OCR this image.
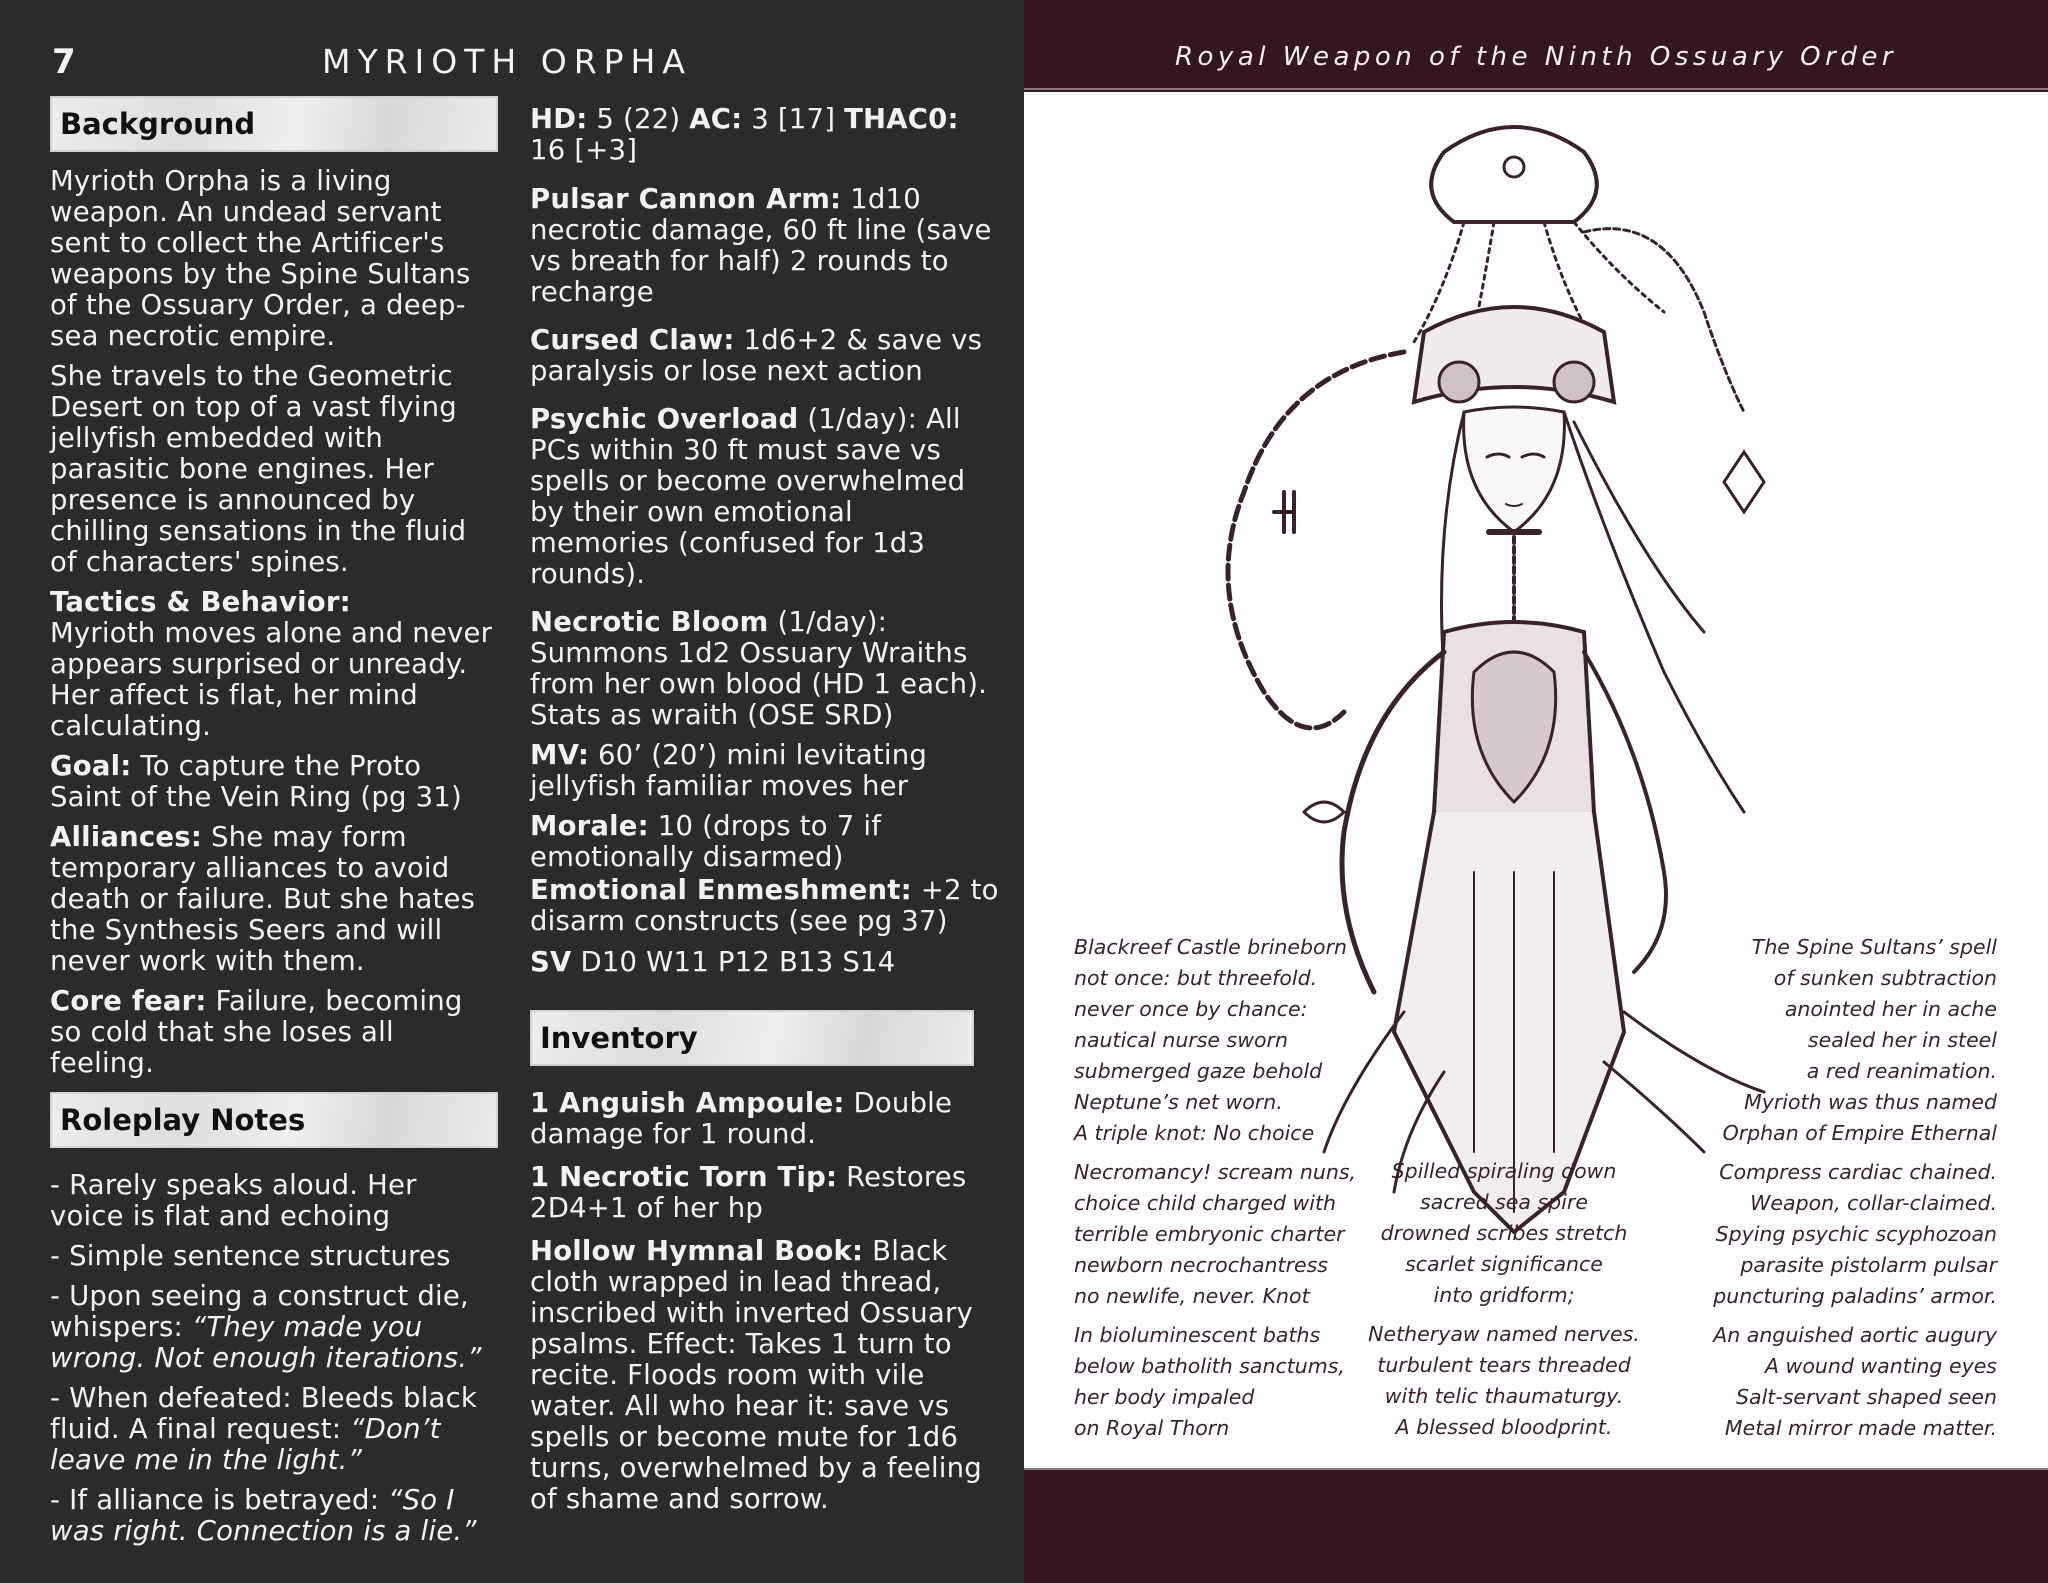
7	MYRIOTH ORPHA
Background

Myrioth Orpha is a living weapon. An undead servant sent to collect the Artificer's weapons by the Spine Sultans of the Ossuary Order, a deep-sea necrotic empire.

She travels to the Geometric Desert on top of a vast flying jellyfish embedded with parasitic bone engines. Her presence is announced by chilling sensations in the fluid of characters' spines.

Tactics & Behavior:
Myrioth moves alone and never appears surprised or unready. Her affect is flat, her mind calculating.

Goal: To capture the Proto Saint of the Vein Ring (pg 31)

Alliances: She may form temporary alliances to avoid death or failure. But she hates the Synthesis Seers and will never work with them.

Core fear: Failure, becoming so cold that she loses all feeling.

Roleplay Notes

- Rarely speaks aloud. Her voice is flat and echoing

- Simple sentence structures

- Upon seeing a construct die, whispers: “They made you wrong. Not enough iterations.”

- When defeated: Bleeds black fluid. A final request: “Don’t leave me in the light.”

- If alliance is betrayed: “So I was right. Connection is a lie.”

HD: 5 (22) AC: 3 [17] THAC0: 16 [+3]

Pulsar Cannon Arm: 1d10 necrotic damage, 60 ft line (save vs breath for half) 2 rounds to recharge

Cursed Claw: 1d6+2 & save vs paralysis or lose next action

Psychic Overload (1/day): All PCs within 30 ft must save vs spells or become overwhelmed by their own emotional memories (confused for 1d3 rounds).

Necrotic Bloom (1/day): Summons 1d2 Ossuary Wraiths from her own blood (HD 1 each). Stats as wraith (OSE SRD)

MV: 60’ (20’) mini levitating jellyfish familiar moves her

Morale: 10 (drops to 7 if emotionally disarmed)

Emotional Enmeshment: +2 to disarm constructs (see pg 37)

SV D10 W11 P12 B13 S14

Inventory

1 Anguish Ampoule: Double damage for 1 round.

1 Necrotic Torn Tip: Restores 2D4+1 of her hp

Hollow Hymnal Book: Black cloth wrapped in lead thread, inscribed with inverted Ossuary psalms. Effect: Takes 1 turn to recite. Floods room with vile water. All who hear it: save vs spells or become mute for 1d6 turns, overwhelmed by a feeling of shame and sorrow.

Royal Weapon of the Ninth Ossuary Order
Blackreef Castle brineborn
not once: but threefold.
never once by chance:
nautical nurse sworn
submerged gaze behold
Neptune’s net worn.
A triple knot: No choice
Necromancy! scream nuns,
choice child charged with
terrible embryonic charter
newborn necrochantress
no newlife, never. Knot
In bioluminescent baths
below batholith sanctums,
her body impaled
on Royal Thorn
Spilled spiraling down
sacred sea spire
drowned scribes stretch
scarlet significance
into gridform;
Netheryaw named nerves.
turbulent tears threaded
with telic thaumaturgy.
A blessed bloodprint.
The Spine Sultans’ spell
of sunken subtraction
anointed her in ache
sealed her in steel
a red reanimation.
Myrioth was thus named
Orphan of Empire Ethernal
Compress cardiac chained.
Weapon, collar-claimed.
Spying psychic scyphozoan
parasite pistolarm pulsar
puncturing paladins’ armor.
An anguished aortic augury
A wound wanting eyes
Salt-servant shaped seen
Metal mirror made matter.
